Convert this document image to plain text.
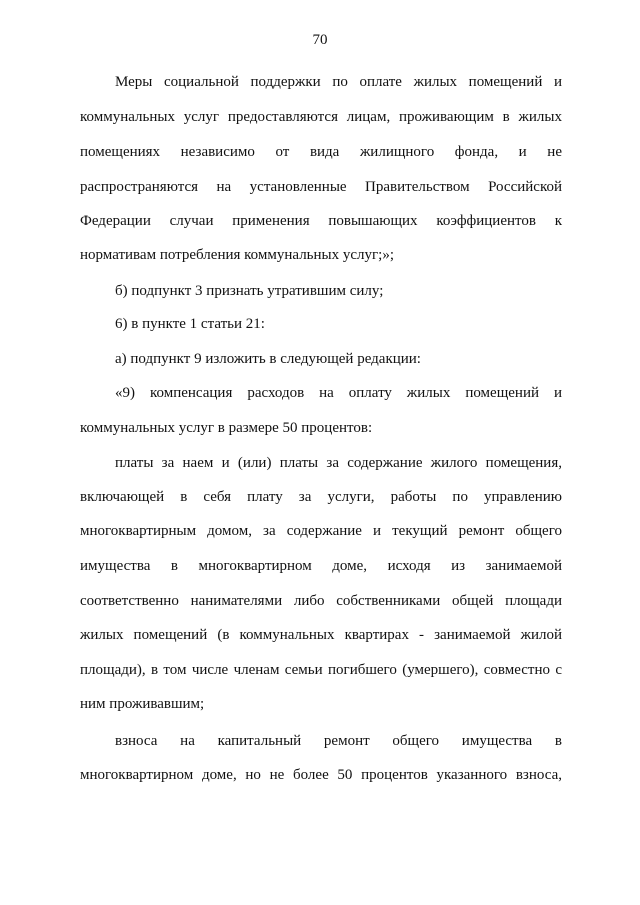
70
Меры социальной поддержки по оплате жилых помещений и
коммунальных услуг предоставляются лицам, проживающим в жилых
помещениях независимо от вида жилищного фонда, и не
распространяются на установленные Правительством Российской
Федерации случаи применения повышающих коэффициентов к
нормативам потребления коммунальных услуг;»;
б) подпункт 3 признать утратившим силу;
6) в пункте 1 статьи 21:
а) подпункт 9 изложить в следующей редакции:
«9) компенсация расходов на оплату жилых помещений и
коммунальных услуг в размере 50 процентов:
платы за наем и (или) платы за содержание жилого помещения,
включающей в себя плату за услуги, работы по управлению
многоквартирным домом, за содержание и текущий ремонт общего
имущества в многоквартирном доме, исходя из занимаемой
соответственно нанимателями либо собственниками общей площади
жилых помещений (в коммунальных квартирах - занимаемой жилой
площади), в том числе членам семьи погибшего (умершего), совместно с
ним проживавшим;
взноса на капитальный ремонт общего имущества в
многоквартирном доме, но не более 50 процентов указанного взноса,
